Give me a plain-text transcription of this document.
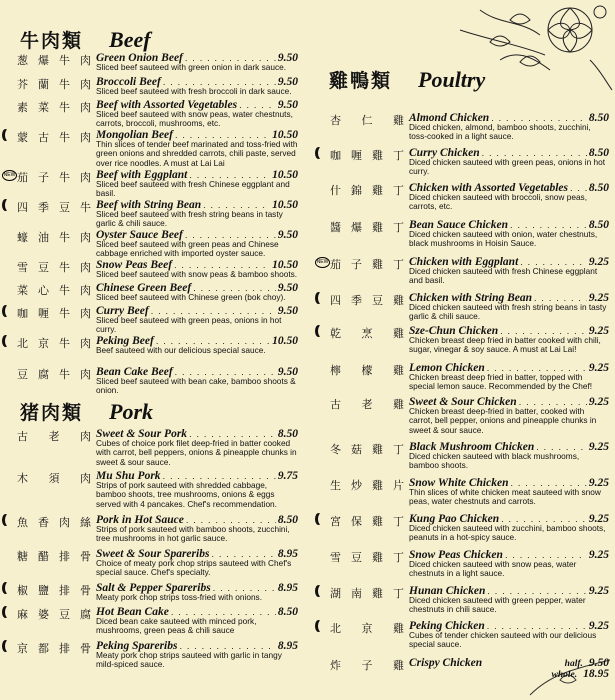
牛肉類 Beef
葱 爆 牛 肉 Green Onion Beef . . .	9.50
Sliced beef sauteed with green onion in dark sauce.
芥 蘭 牛 肉 Broccoli Beef . . .	9.50
Sliced beef sauteed with fresh broccoli in dark sauce.
素 菜 牛 肉 Beef with Assorted Vegetables . . .	9.50
Sliced beef sauteed with snow peas, water chestnuts, carrots, broccoli, mushrooms, etc.
蒙 古 牛 肉 Mongolian Beef . . .	10.50
Thin slices of tender beef marinated and toss-fried with green onions and shredded carrots, chili paste, served over rice noodles. A must at Lai Lai
NEW 茄 子 牛 肉 Beef with Eggplant . . .	10.50
Sliced beef sauteed with fresh Chinese eggplant and basil.
四 季 豆 牛 Beef with String Bean . . .	10.50
Sliced beef sauteed with fresh string beans in tasty garlic & chili sauce.
蠔 油 牛 肉 Oyster Sauce Beef . . .	9.50
Sliced beef sauteed with green peas and Chinese cabbage enriched with imported oyster sauce.
雪 豆 牛 肉 Snow Peas Beef . . .	10.50
Sliced beef sauteed with snow peas & bamboo shoots.
菜 心 牛 肉 Chinese Green Beef . . .	9.50
Sliced beef sauteed with Chinese green (bok choy).
咖 喱 牛 肉 Curry Beef . . .	9.50
Sliced beef sauteed with green peas, onions in hot curry.
北 京 牛 肉 Peking Beef . . .	10.50
Beef sauteed with our delicious special sauce.
豆 腐 牛 肉 Bean Cake Beef . . .	9.50
Sliced beef sauteed with bean cake, bamboo shoots & onion.
猪肉類 Pork
古 老 肉 Sweet & Sour Pork . . .	8.50
Cubes of choice pork filet deep-fried in batter cooked with carrot, bell peppers, onions & pineapple chunks in sweet & sour sauce.
木 須 肉 Mu Shu Pork . . .	9.75
Strips of pork sauteed with shredded cabbage, bamboo shoots, tree mushrooms, onions & eggs served with 4 pancakes. Chef's recommendation.
魚 香 肉 絲 Pork in Hot Sauce . . .	8.50
Strips of pork sauteed with bamboo shoots, zucchini, tree mushrooms in hot garlic sauce.
糖 醋 排 骨 Sweet & Sour Spareribs . . .	8.95
Choice of meaty pork chop strips sauteed with Chef's special sauce. Chef's specialty.
椒 鹽 排 骨 Salt & Pepper Spareribs . . .	8.95
Meaty pork chop strips toss-fried with onions.
麻 婆 豆 腐 Hot Bean Cake . . .	8.50
Diced bean cake sauteed with minced pork, mushrooms, green peas & chili sauce
京 都 排 骨 Peking Spareribs . . .	8.95
Meaty pork chop strips sauteed with garlic in tangy mild-spiced sauce.
雞鴨類 Poultry
杏 仁 雞 Almond Chicken . . .	8.50
Diced chicken, almond, bamboo shoots, zucchini, toss-cooked in a light sauce.
咖 喱 雞 丁 Curry Chicken . . .	8.50
Diced chicken sauteed with green peas, onions in hot curry.
什 錦 雞 丁 Chicken with Assorted Vegetables . . . 8.50
Diced chicken sauteed with broccoli, snow peas, carrots, etc.
醬 爆 雞 丁 Bean Sauce Chicken . . .	8.50
Diced chicken sauteed with onion, water chestnuts, black mushrooms in Hoisin Sauce.
NEW 茄 子 雞 丁 Chicken with Eggplant . . .	9.25
Diced chicken sauteed with fresh Chinese eggplant and basil.
四 季 豆 雞 Chicken with String Bean . . .	9.25
Diced chicken sauteed with fresh string beans in tasty garlic & chili sauce.
乾 烹 雞 Sze-Chun Chicken . . .	9.25
Chicken breast deep fried in batter cooked with chili, sugar, vinegar & soy sauce. A must at Lai Lai!
檸 檬 雞 Lemon Chicken . . .	9.25
Chicken breast deep fried in batter, topped with special lemon sauce. Recommended by the Chef!
古 老 雞 Sweet & Sour Chicken . . .	9.25
Chicken breast deep-fried in batter, cooked with carrot, bell pepper, onions and pineapple chunks in sweet & sour sauce.
冬 菇 雞 丁 Black Mushroom Chicken . . .	9.25
Diced chicken sauteed with black mushrooms, bamboo shoots.
生 炒 雞 片 Snow White Chicken . . .	9.25
Thin slices of white chicken meat sauteed with snow peas, water chestnuts and carrots.
宮 保 雞 丁 Kung Pao Chicken . . .	9.25
Diced chicken sauteed with zucchini, bamboo shoots, peanuts in a hot-spicy sauce.
雪 豆 雞 丁 Snow Peas Chicken . . .	9.25
Diced chicken sauteed with snow peas, water chestnuts in a light sauce.
湖 南 雞 丁 Hunan Chicken . . .	9.25
Diced chicken sauteed with green pepper, water chestnuts in chili sauce.
北 京 雞 Peking Chicken . . .	9.25
Cubes of tender chicken sauteed with our delicious special sauce.
炸 子 雞 Crispy Chicken	half. 9.50
whole. 18.95
